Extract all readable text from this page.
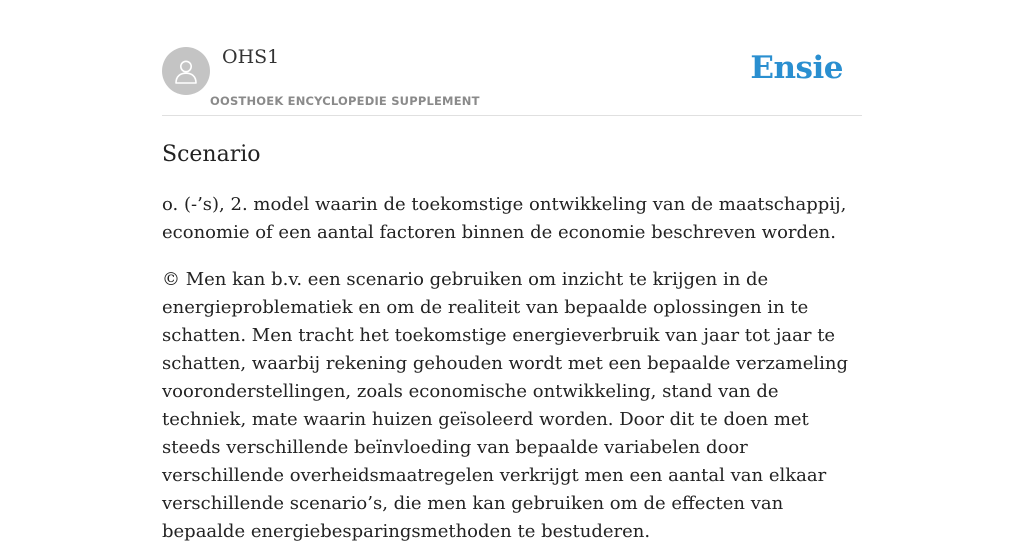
OHS1
OOSTHOEK ENCYCLOPEDIE SUPPLEMENT
Ensie
Scenario

o. (-’s), 2. model waarin de toekomstige ontwikkeling van de maatschappij, economie of een aantal factoren binnen de economie beschreven worden.

© Men kan b.v. een scenario gebruiken om inzicht te krijgen in de energieproblematiek en om de realiteit van bepaalde oplossingen in te schatten. Men tracht het toekomstige energieverbruik van jaar tot jaar te schatten, waarbij rekening gehouden wordt met een bepaalde verzameling vooronderstellingen, zoals economische ontwikkeling, stand van de techniek, mate waarin huizen geïsoleerd worden. Door dit te doen met steeds verschillende beïnvloeding van bepaalde variabelen door verschillende overheidsmaatregelen verkrijgt men een aantal van elkaar verschillende scenario’s, die men kan gebruiken om de effecten van bepaalde energiebesparingsmethoden te bestuderen.
